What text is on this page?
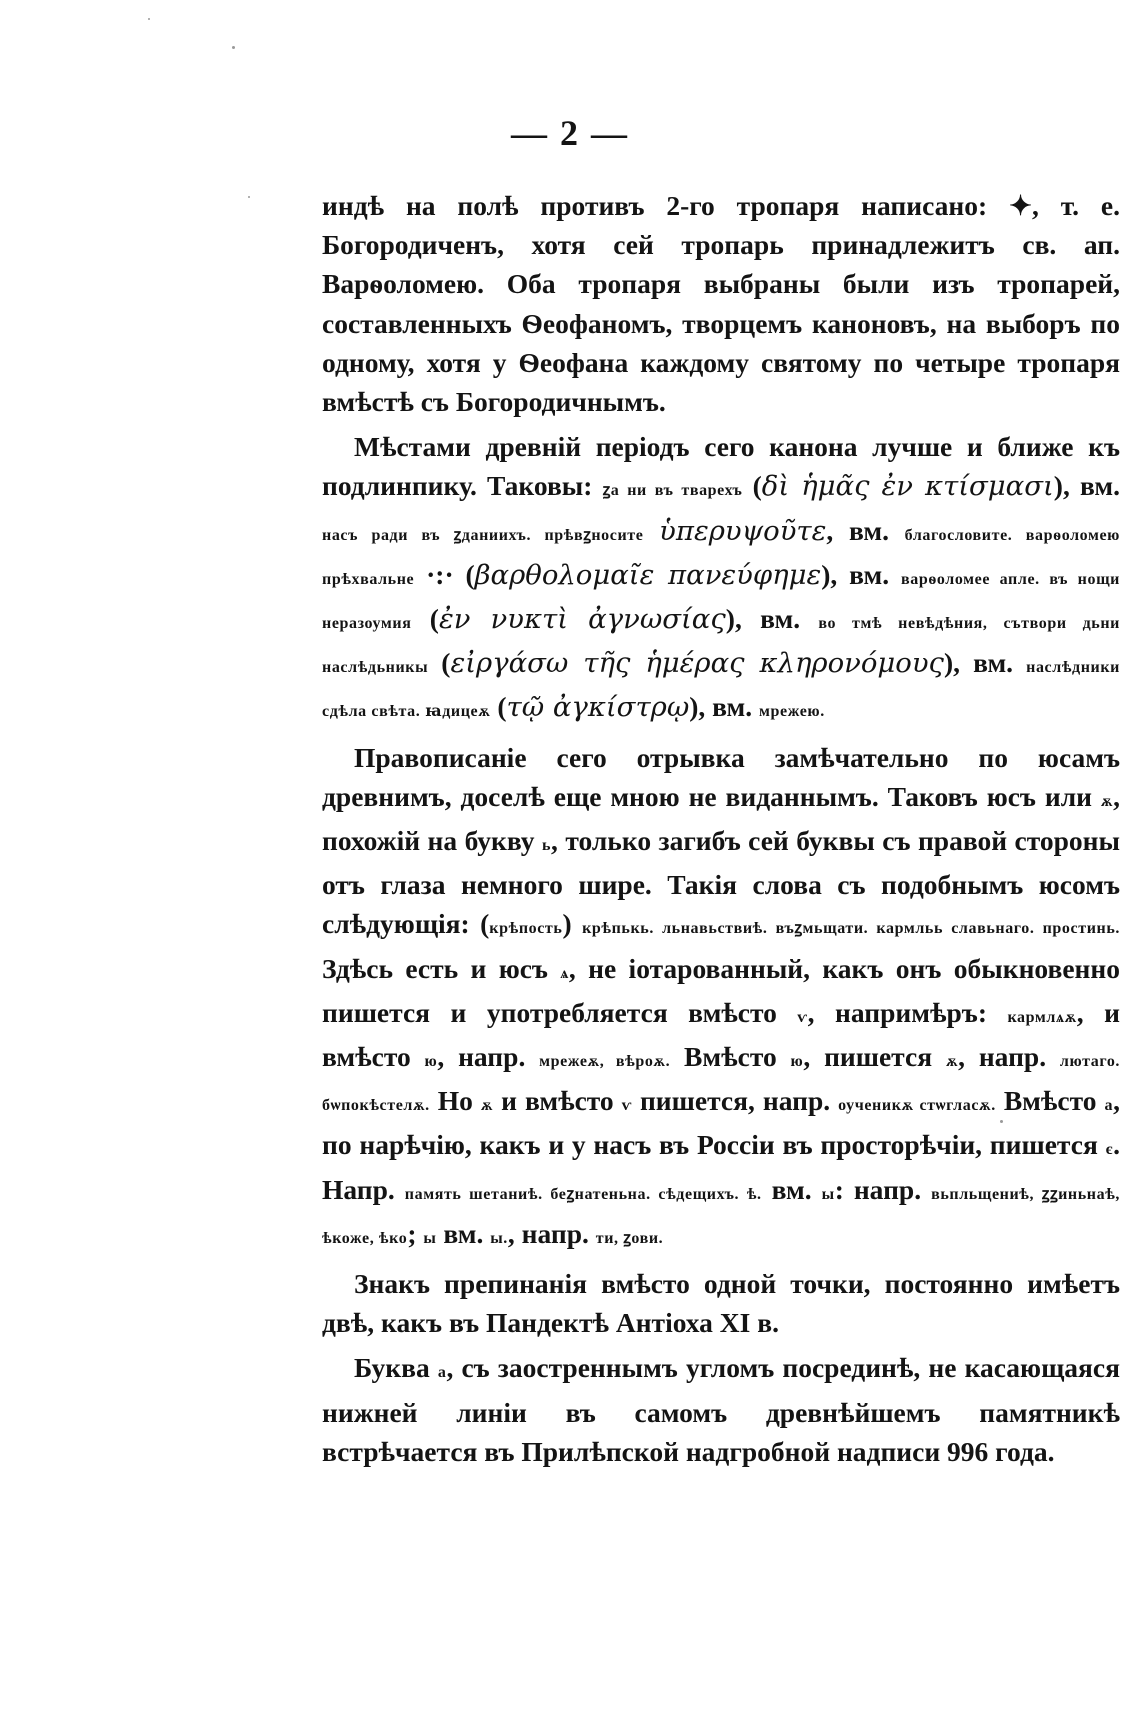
— 2 —

индѣ на полѣ противъ 2-го тропаря написано: ✦, т. е. Богородиченъ, хотя сей тропарь принадлежитъ св. ап. Варѳоломею. Оба тропаря выбраны были изъ тропарей, составленныхъ Ѳеофаномъ, творцемъ каноновъ, на выборъ по одному, хотя у Ѳеофана каждому святому по четыре тропаря вмѣстѣ съ Богородичнымъ.

Мѣстами древній періодъ сего канона лучше и ближе къ подлинпику. Таковы: ꙁа ни въ тварехъ (δὶ ἡμᾶς ἐν κτίσμασι), вм. насъ ради въ ꙁданиихъ. прѣвꙁносите ὑπερυψοῦτε, вм. благословите. варѳоломею прѣхвальне ·:· (βαρθολομαῖε πανεύφημε), вм. варѳоломее апле. въ нощи неразоумия (ἐν νυκτὶ ἀγνωσίας), вм. во тмѣ невѣдѣния, сътвори дьни наслѣдьникы (εἰργάσω τῆς ἡμέρας κληρονόμους), вм. наслѣдники сдѣла свѣта. ꙗдицеѫ (τῷ ἀγκίστρῳ), вм. мрежею.

Правописаніе сего отрывка замѣчательно по юсамъ древнимъ, доселѣ еще мною не виданнымъ. Таковъ юсъ или ѫ, похожій на букву ь, только загибъ сей буквы съ правой стороны отъ глаза немного шире. Такія слова съ подобнымъ юсомъ слѣдующія: (крѣпость) крѣпькь. льнавьствиѣ. въꙁмьщати. кармльь славьнаго. простинь. Здѣсь есть и юсъ ѧ, не іотарованный, какъ онъ обыкновенно пишется и употребляется вмѣсто ѵ, напримѣръ: кармлѧѫ, и вмѣсто ю, напр. мрежеѫ, вѣроѫ. Вмѣсто ю, пишется ѫ, напр. лютаго. бѡпокѣстелѫ. Но ѫ и вмѣсто ѵ пишется, напр. оученикѫ стѡгласѫ. Вмѣсто а, по нарѣчію, какъ и у насъ въ Россіи въ просторѣчіи, пишется є. Напр. память шетаниѣ. беꙁнатеньна. сѣдещихъ. ѣ. вм. ы: напр. вьпльщениѣ, ꙁꙁиньнаѣ, ѣкоже, ѣко; ы вм. ы., напр. ти, ꙁови.

Знакъ препинанія вмѣсто одной точки, постоянно имѣетъ двѣ, какъ въ Пандектѣ Антіоха XI в.

Буква а, съ заостреннымъ угломъ посрединѣ, не касающаяся нижней линіи въ самомъ древнѣйшемъ памятникѣ встрѣчается въ Прилѣпской надгробной надписи 996 года.
